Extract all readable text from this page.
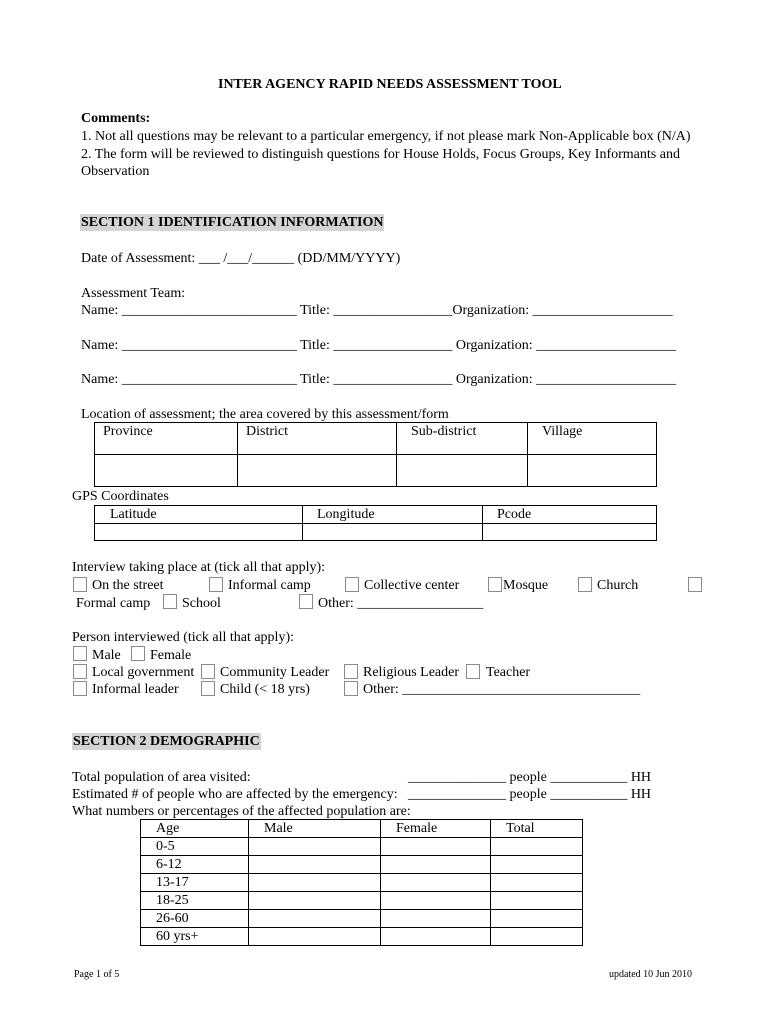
INTER AGENCY RAPID NEEDS ASSESSMENT TOOL
Comments:
1. Not all questions may be relevant to a particular emergency, if not please mark Non-Applicable box (N/A)
2. The form will be reviewed to distinguish questions for House Holds, Focus Groups, Key Informants and
Observation
SECTION 1 IDENTIFICATION INFORMATION
Date of Assessment: ___ /___/______ (DD/MM/YYYY)
Assessment Team:
Name: _________________________ Title: _________________Organization: ____________________
Name: _________________________ Title: _________________ Organization: ____________________
Name: _________________________ Title: _________________ Organization: ____________________
Location of assessment; the area covered by this assessment/form
Province	District	Sub-district	Village

GPS Coordinates
Latitude	Longitude	Pcode

Interview taking place at (tick all that apply):
On the street	Informal camp	Collective center	Mosque	Church
Formal camp School	Other: __________________
Person interviewed (tick all that apply):
Male Female
Local government Community Leader Religious Leader Teacher
Informal leader	Child (< 18 yrs)	Other: __________________________________
SECTION 2 DEMOGRAPHIC
Total population of area visited:	______________ people ___________ HH
Estimated # of people who are affected by the emergency: ______________ people ___________ HH
What numbers or percentages of the affected population are:
Age	Male	Female	Total
0-5			
6-12			
13-17			
18-25			
26-60			
60 yrs+			
Page 1 of 5	updated 10 Jun 2010
